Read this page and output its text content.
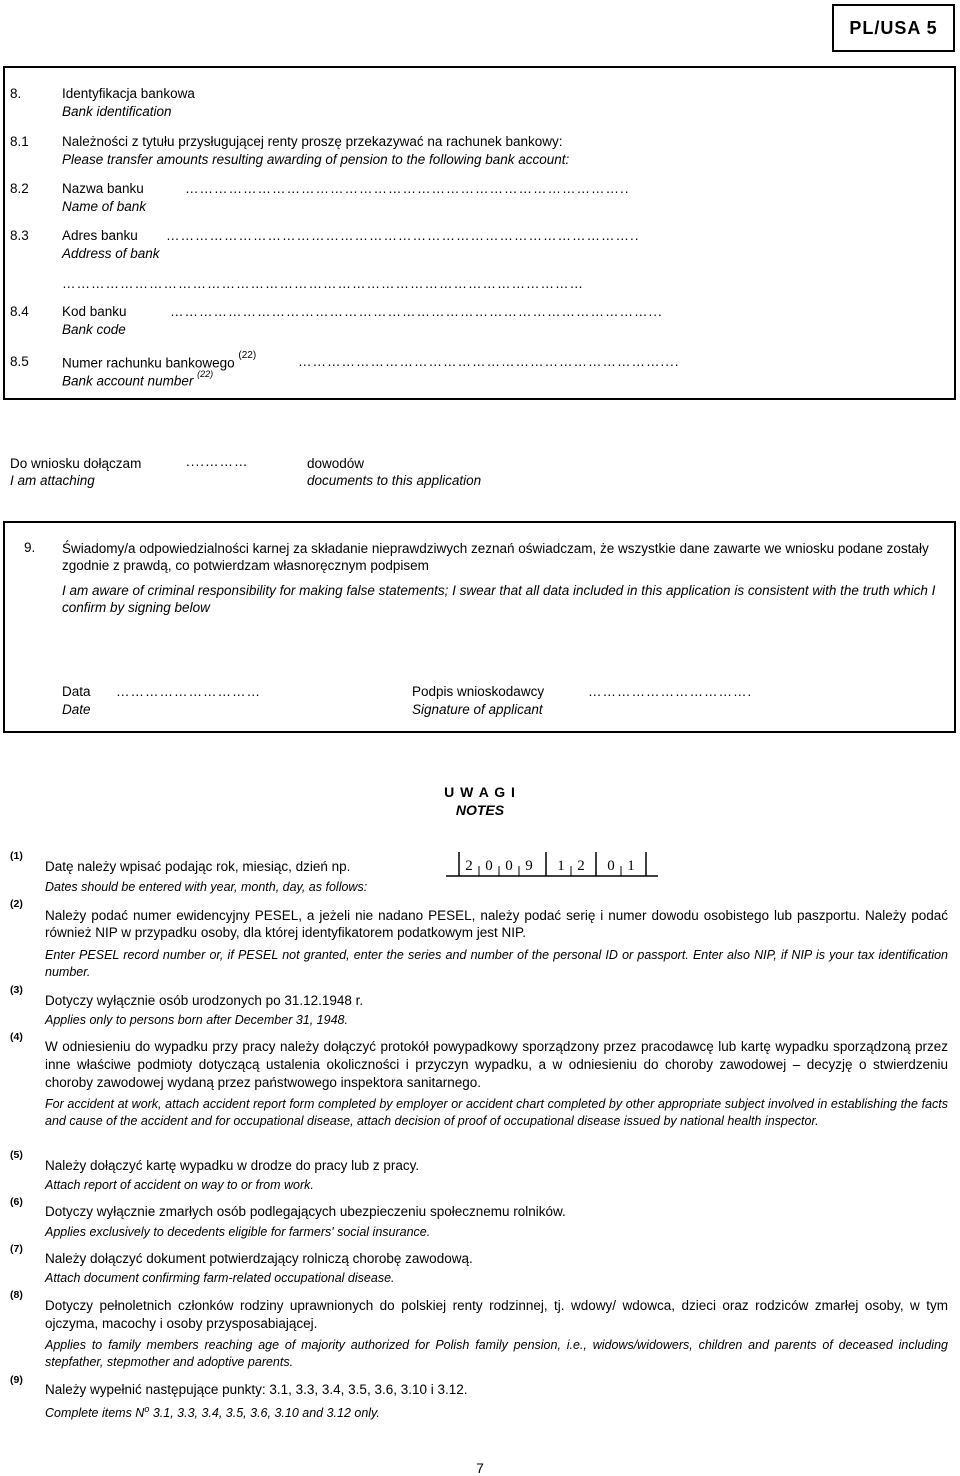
PL/USA 5
8.	Identyfikacja bankowa
Bank identification
8.1	Należności z tytułu przysługującej renty proszę przekazywać na rachunek bankowy:
Please transfer amounts resulting awarding of pension to the following bank account:
8.2	Nazwa banku
Name of bank
………………………………………………………………………………..
8.3	Adres banku
Address of bank
……………………………………………………………………………………..
………………………………………………………………………………………………
8.4	Kod banku
Bank code
………………………………………………………………………………………...
8.5	Numer rachunku bankowego $^{(22)}$
Bank account number $^{(22)}$
…………………………………………………………………....
Do wniosku dołączam
I am attaching
....………	dowodów
documents to this application
9. Świadomy/a odpowiedzialności karnej za składanie nieprawdziwych zeznań oświadczam, że wszystkie dane zawarte we wniosku podane zostały zgodnie z prawdą, co potwierdzam własnoręcznym podpisem
I am aware of criminal responsibility for making false statements; I swear that all data included in this application is consistent with the truth which I confirm by signing below
Data
Date
…………………………	Podpis wnioskodawcy
Signature of applicant
…………………………….
U W A G I
NOTES
(1)
Datę należy wpisać podając rok, miesiąc, dzień np.
Dates should be entered with year, month, day, as follows:
2 0 0 9 1 2 0 1
(2)
Należy podać numer ewidencyjny PESEL, a jeżeli nie nadano PESEL, należy podać serię i numer dowodu osobistego lub paszportu. Należy podać również NIP w przypadku osoby, dla której identyfikatorem podatkowym jest NIP.
Enter PESEL record number or, if PESEL not granted, enter the series and number of the personal ID or passport. Enter also NIP, if NIP is your tax identification number.
(3)
Dotyczy wyłącznie osób urodzonych po 31.12.1948 r.
Applies only to persons born after December 31, 1948.
(4)
W odniesieniu do wypadku przy pracy należy dołączyć protokół powypadkowy sporządzony przez pracodawcę lub kartę wypadku sporządzoną przez inne właściwe podmioty dotyczącą ustalenia okoliczności i przyczyn wypadku, a w odniesieniu do choroby zawodowej – decyzję o stwierdzeniu choroby zawodowej wydaną przez państwowego inspektora sanitarnego.
For accident at work, attach accident report form completed by employer or accident chart completed by other appropriate subject involved in establishing the facts and cause of the accident and for occupational disease, attach decision of proof of occupational disease issued by national health inspector.
(5)
Należy dołączyć kartę wypadku w drodze do pracy lub z pracy.
Attach report of accident on way to or from work.
(6)
Dotyczy wyłącznie zmarłych osób podlegających ubezpieczeniu społecznemu rolników.
Applies exclusively to decedents eligible for farmers' social insurance.
(7)
Należy dołączyć dokument potwierdzający rolniczą chorobę zawodową.
Attach document confirming farm-related occupational disease.
(8)
Dotyczy pełnoletnich członków rodziny uprawnionych do polskiej renty rodzinnej, tj. wdowy/ wdowca, dzieci oraz rodziców zmarłej osoby, w tym ojczyma, macochy i osoby przysposabiającej.
Applies to family members reaching age of majority authorized for Polish family pension, i.e., widows/widowers, children and parents of deceased including stepfather, stepmother and adoptive parents.
(9)
Należy wypełnić następujące punkty: 3.1, 3.3, 3.4, 3.5, 3.6, 3.10 i 3.12.
Complete items $N^o$ 3.1, 3.3, 3.4, 3.5, 3.6, 3.10 and 3.12 only.
7
